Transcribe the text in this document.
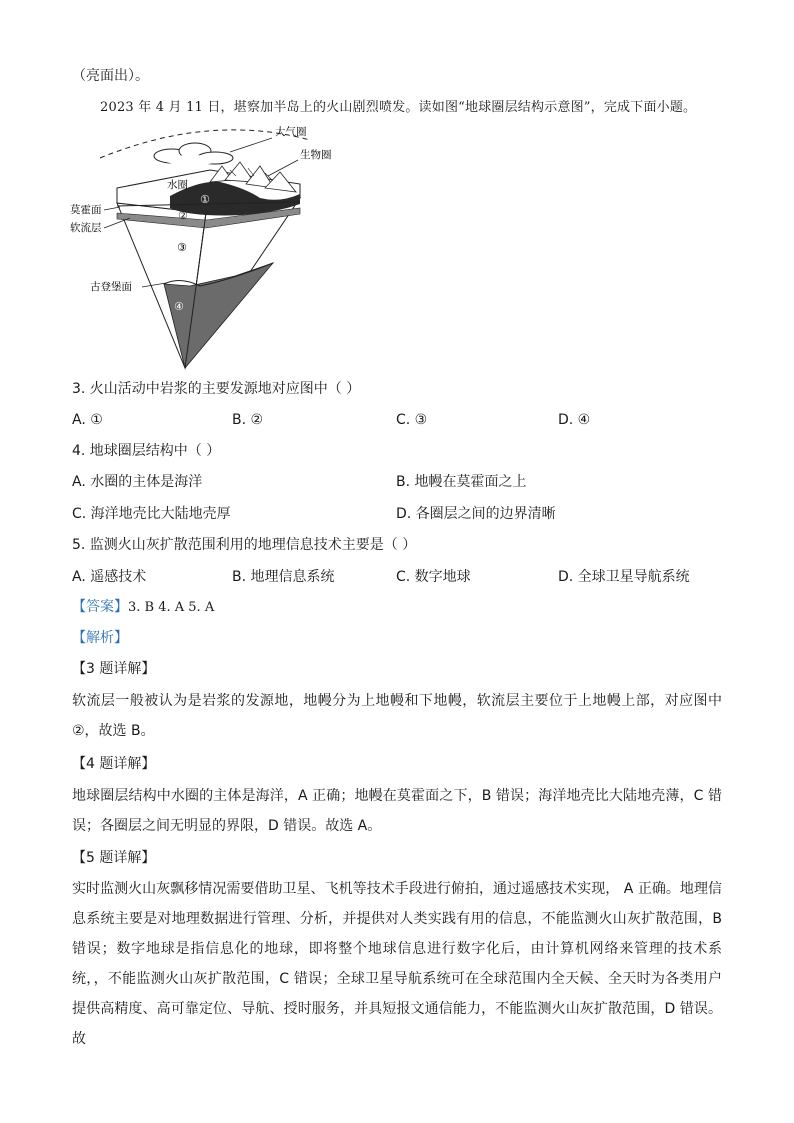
（亮面出）。
2023 年 4 月 11 日，堪察加半岛上的火山剧烈喷发。读如图“地球圈层结构示意图”，完成下面小题。
大气圈
生物圈
水圈
①
②
③
④
莫霍面
软流层
古登堡面
3. 火山活动中岩浆的主要发源地对应图中（ ）
A. ①	B. ②	C. ③	D. ④
4. 地球圈层结构中（ ）
A. 水圈的主体是海洋	B. 地幔在莫霍面之上
C. 海洋地壳比大陆地壳厚	D. 各圈层之间的边界清晰
5. 监测火山灰扩散范围利用的地理信息技术主要是（ ）
A. 遥感技术	B. 地理信息系统	C. 数字地球	D. 全球卫星导航系统
【答案】3. B 4. A 5. A
【解析】
【3 题详解】
软流层一般被认为是岩浆的发源地，地幔分为上地幔和下地幔，软流层主要位于上地幔上部，对应图中②，故选 B。
【4 题详解】
地球圈层结构中水圈的主体是海洋，A 正确；地幔在莫霍面之下，B 错误；海洋地壳比大陆地壳薄，C 错误；各圈层之间无明显的界限，D 错误。故选 A。
【5 题详解】
实时监测火山灰飘移情况需要借助卫星、飞机等技术手段进行俯拍，通过遥感技术实现， A 正确。地理信息系统主要是对地理数据进行管理、分析，并提供对人类实践有用的信息，不能监测火山灰扩散范围，B 错误；数字地球是指信息化的地球，即将整个地球信息进行数字化后，由计算机网络来管理的技术系统，，不能监测火山灰扩散范围，C 错误；全球卫星导航系统可在全球范围内全天候、全天时为各类用户提供高精度、高可靠定位、导航、授时服务，并具短报文通信能力，不能监测火山灰扩散范围，D 错误。故
